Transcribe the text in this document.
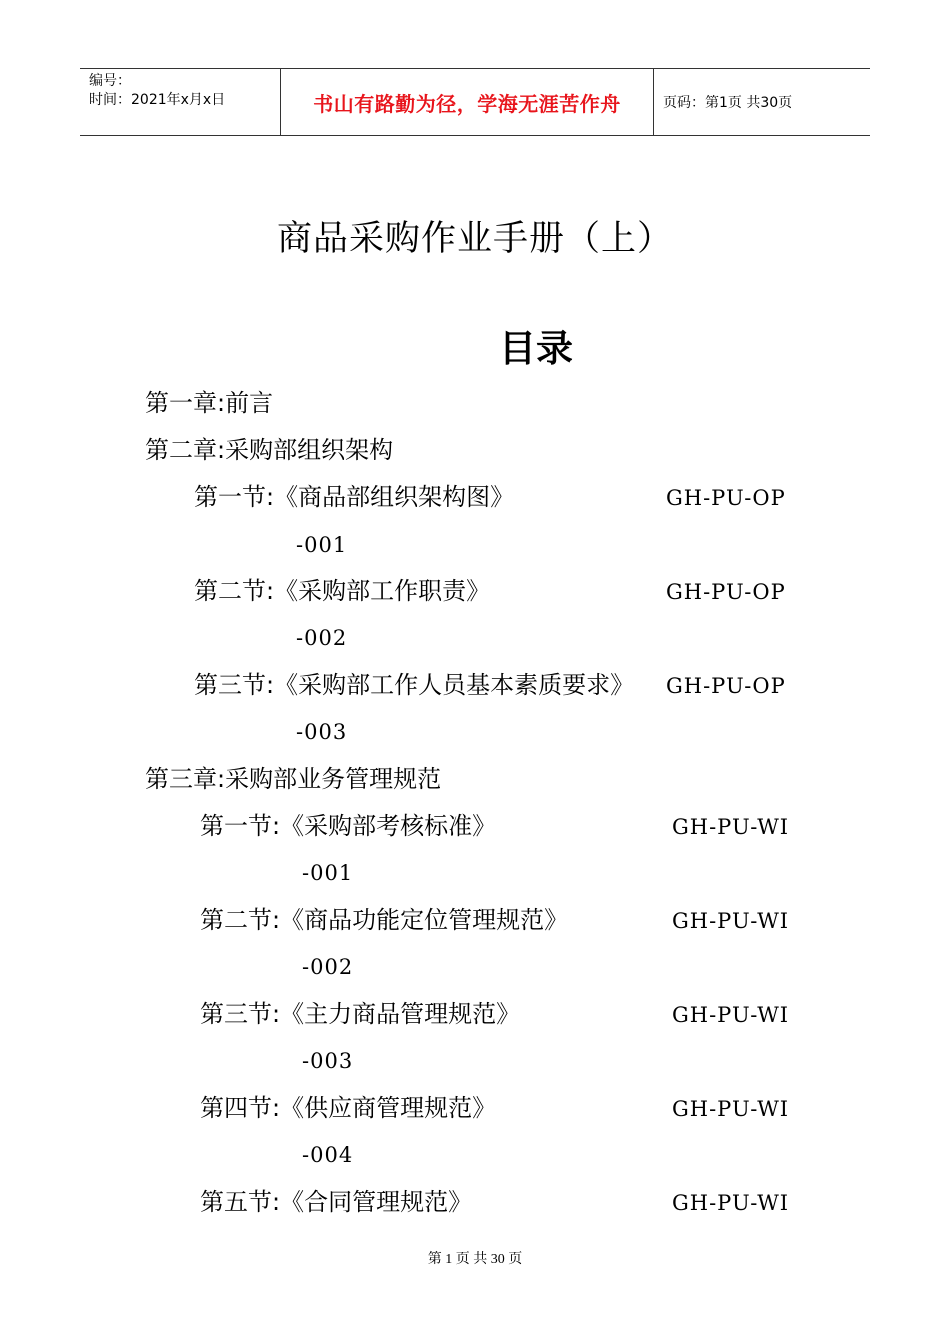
编号：
时间：2021年x月x日	书山有路勤为径，学海无涯苦作舟	页码：第1页 共30页
商品采购作业手册（上）
目录
第一章:前言
第二章:采购部组织架构
第一节:《商品部组织架构图》	GH-PU-OP
-001
第二节:《采购部工作职责》	GH-PU-OP
-002
第三节:《采购部工作人员基本素质要求》 GH-PU-OP
-003
第三章:采购部业务管理规范
第一节:《采购部考核标准》	GH-PU-WI
-001
第二节:《商品功能定位管理规范》	GH-PU-WI
-002
第三节:《主力商品管理规范》	GH-PU-WI
-003
第四节:《供应商管理规范》	GH-PU-WI
-004
第五节:《合同管理规范》	GH-PU-WI
第 1 页 共 30 页
